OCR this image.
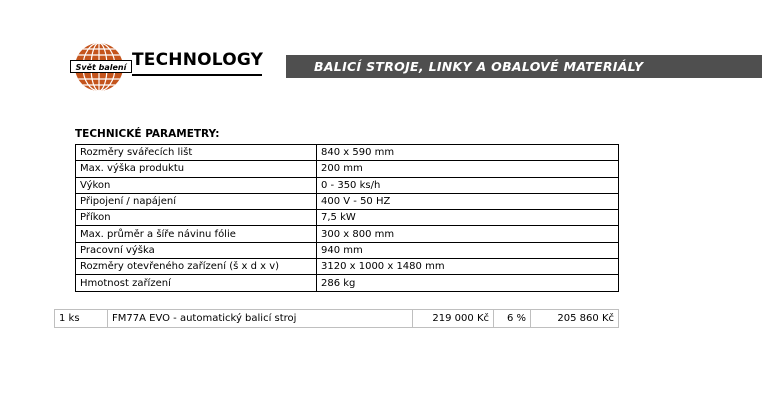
Svět balení TECHNOLOGY	BALICÍ STROJE, LINKY A OBALOVÉ MATERIÁLY
TECHNICKÉ PARAMETRY:
Rozměry svářecích lišt	840 x 590 mm
Max. výška produktu	200 mm
Výkon	0 - 350 ks/h
Připojení / napájení	400 V - 50 HZ
Příkon	7,5 kW
Max. průměr a šíře návinu fólie	300 x 800 mm
Pracovní výška	940 mm
Rozměry otevřeného zařízení (š x d x v)	3120 x 1000 x 1480 mm
Hmotnost zařízení	286 kg
1 ks	FM77A EVO - automatický balicí stroj	219 000 Kč	6 %	205 860 Kč
